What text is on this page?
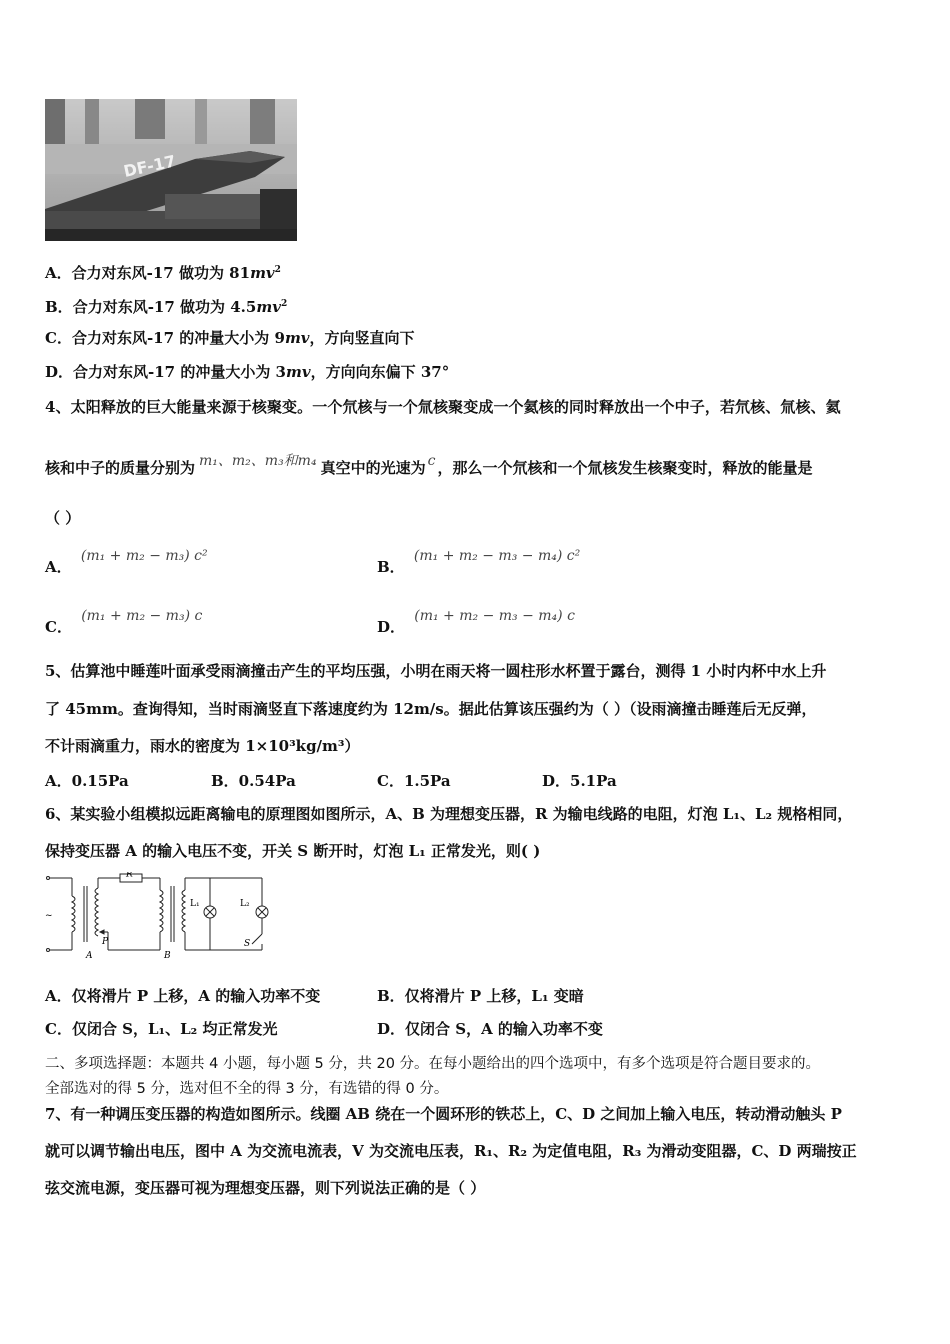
DF-17
A．合力对东风-17 做功为 $81mv^2$
B．合力对东风-17 做功为 $4.5mv^2$
C．合力对东风-17 的冲量大小为 9mv，方向竖直向下
D．合力对东风-17 的冲量大小为 3mv，方向向东偏下 37°
4、太阳释放的巨大能量来源于核聚变。一个氘核与一个氚核聚变成一个氦核的同时释放出一个中子，若氘核、氚核、氦
核和中子的质量分别为 m₁、m₂、m₃和m₄ 真空中的光速为 c ，那么一个氘核和一个氚核发生核聚变时，释放的能量是
（ ）
A． (m₁ + m₂ − m₃) c²
B． (m₁ + m₂ − m₃ − m₄) c²
C． (m₁ + m₂ − m₃) c
D． (m₁ + m₂ − m₃ − m₄) c
5、估算池中睡莲叶面承受雨滴撞击产生的平均压强，小明在雨天将一圆柱形水杯置于露台，测得 1 小时内杯中水上升
了 45mm。查询得知，当时雨滴竖直下落速度约为 12m/s。据此估算该压强约为（ ）（设雨滴撞击睡莲后无反弹，
不计雨滴重力，雨水的密度为 1×10³kg/m³）
A．0.15Pa	B．0.54Pa	C．1.5Pa	D．5.1Pa
6、某实验小组模拟远距离输电的原理图如图所示，A、B 为理想变压器，R 为输电线路的电阻，灯泡 L₁、L₂ 规格相同，
保持变压器 A 的输入电压不变，开关 S 断开时，灯泡 L₁ 正常发光，则( )
~
R
P
A	B
L₁	L₂
S
A．仅将滑片 P 上移，A 的输入功率不变	B．仅将滑片 P 上移，L₁ 变暗
C．仅闭合 S，L₁、L₂ 均正常发光	D．仅闭合 S，A 的输入功率不变
二、多项选择题：本题共 4 小题，每小题 5 分，共 20 分。在每小题给出的四个选项中，有多个选项是符合题目要求的。
全部选对的得 5 分，选对但不全的得 3 分，有选错的得 0 分。
7、有一种调压变压器的构造如图所示。线圈 AB 绕在一个圆环形的铁芯上，C、D 之间加上输入电压，转动滑动触头 P
就可以调节输出电压，图中 A 为交流电流表，V 为交流电压表，R₁、R₂ 为定值电阻，R₃ 为滑动变阻器，C、D 两瑞按正
弦交流电源，变压器可视为理想变压器，则下列说法正确的是（ ）
